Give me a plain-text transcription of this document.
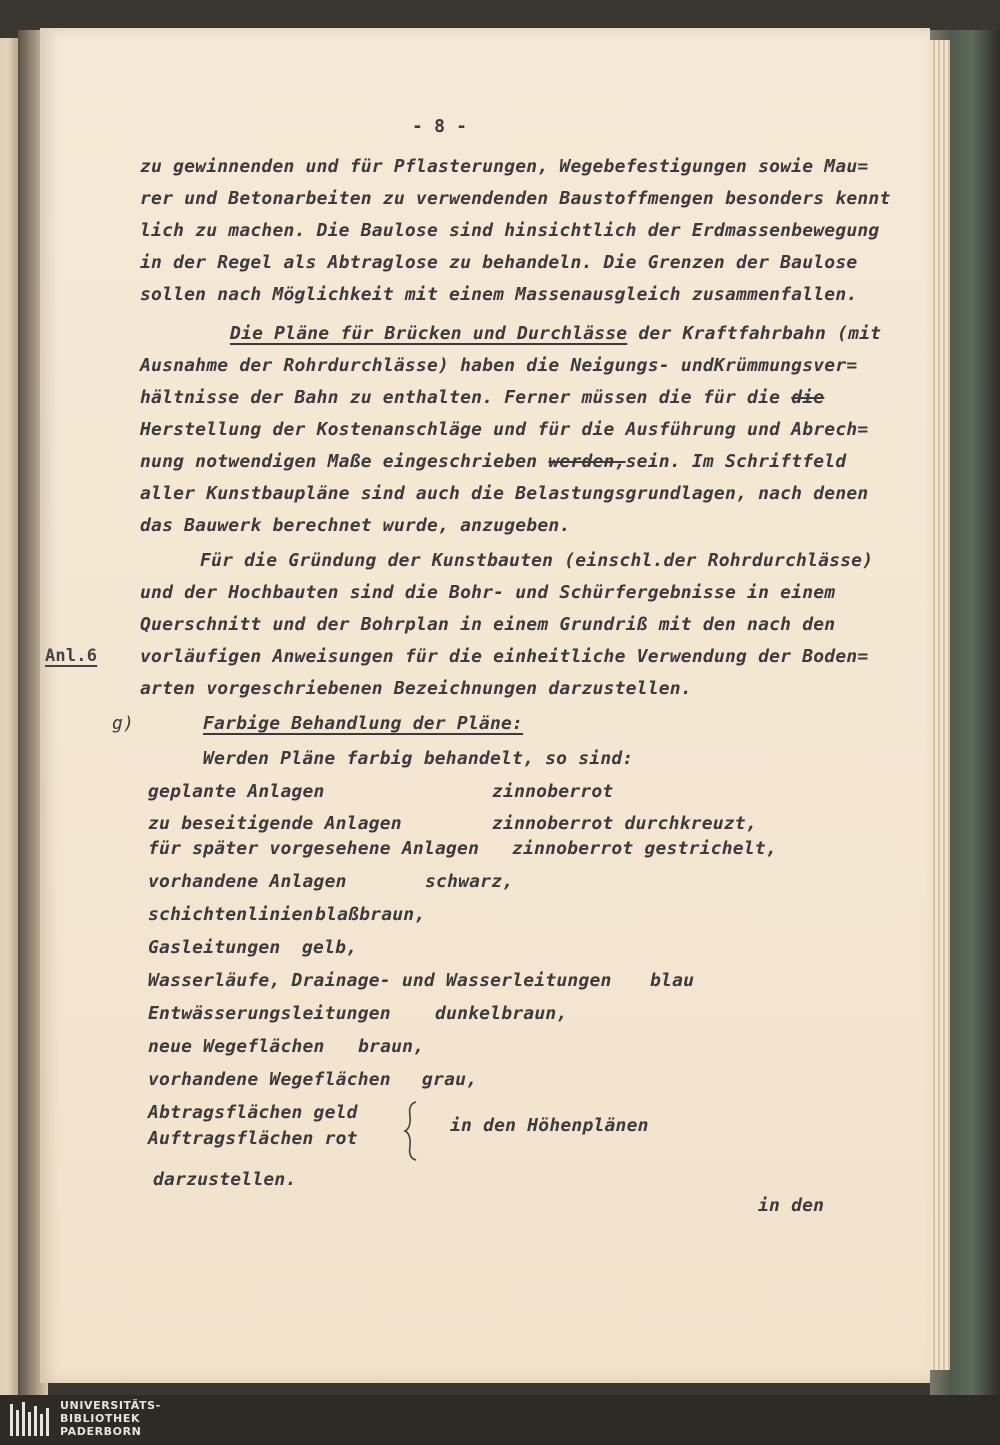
- 8 -
zu gewinnenden und für Pflasterungen, Wegebefestigungen sowie Mau=
rer und Betonarbeiten zu verwendenden Baustoffmengen besonders kennt
lich zu machen. Die Baulose sind hinsichtlich der Erdmassenbewegung
in der Regel als Abtraglose zu behandeln. Die Grenzen der Baulose
sollen nach Möglichkeit mit einem Massenausgleich zusammenfallen.
Die Pläne für Brücken und Durchlässe der Kraftfahrbahn (mit
Ausnahme der Rohrdurchlässe) haben die Neigungs- undKrümmungsver=
hältnisse der Bahn zu enthalten. Ferner müssen die für die die
Herstellung der Kostenanschläge und für die Ausführung und Abrech=
nung notwendigen Maße eingeschrieben werden,sein. Im Schriftfeld
aller Kunstbaupläne sind auch die Belastungsgrundlagen, nach denen
das Bauwerk berechnet wurde, anzugeben.
Für die Gründung der Kunstbauten (einschl.der Rohrdurchlässe)
und der Hochbauten sind die Bohr- und Schürfergebnisse in einem
Querschnitt und der Bohrplan in einem Grundriß mit den nach den
vorläufigen Anweisungen für die einheitliche Verwendung der Boden=
arten vorgeschriebenen Bezeichnungen darzustellen.
Anl.6
g)	Farbige Behandlung der Pläne:
Werden Pläne farbig behandelt, so sind:
geplante Anlagen	zinnoberrot
zu beseitigende Anlagen	zinnoberrot durchkreuzt,
für später vorgesehene Anlagen zinnoberrot gestrichelt,
vorhandene Anlagen	schwarz,
schichtenlinien blaßbraun,
Gasleitungen gelb,
Wasserläufe, Drainage- und Wasserleitungen blau
Entwässerungsleitungen dunkelbraun,
neue Wegeflächen braun,
vorhandene Wegeflächen grau,
Abtragsflächen geld
Auftragsflächen rot
in den Höhenplänen
darzustellen.
in den
UNIVERSITÄTS-
BIBLIOTHEK
PADERBORN
